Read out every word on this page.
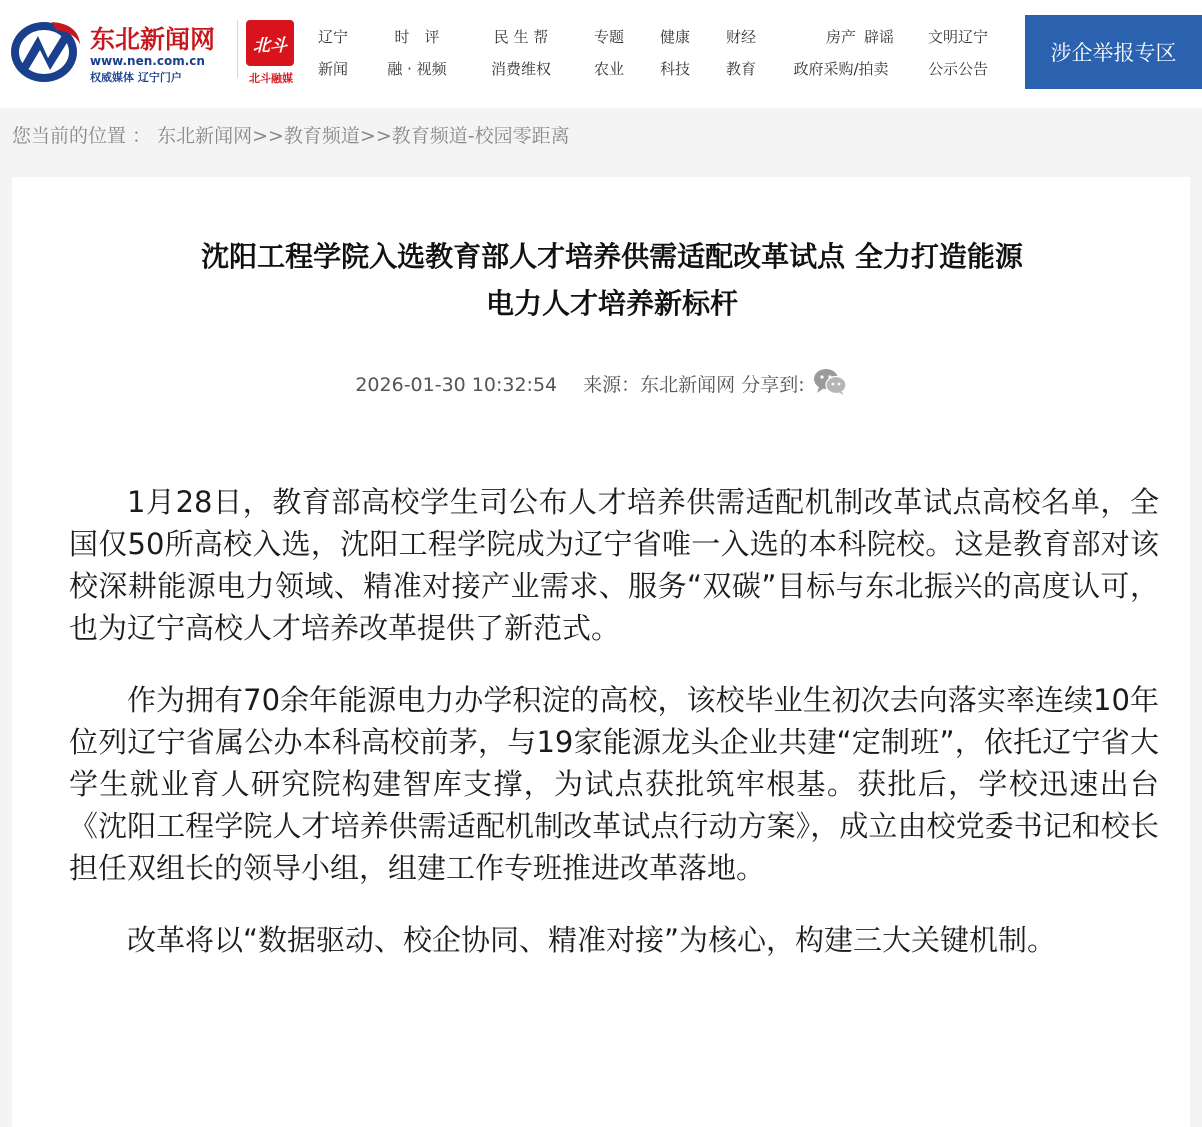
东北新闻网
www.nen.com.cn
权威媒体 辽宁门户
北斗
北斗融媒
辽宁
新闻
时　评
融 · 视频
民 生 帮
消费维权
专题
农业
健康
科技
财经
教育
房产
政府采购/拍卖
辟谣	文明辽宁
公示公告
涉企举报专区
您当前的位置 ： 东北新闻网>>教育频道>>教育频道-校园零距离
沈阳工程学院入选教育部人才培养供需适配改革试点 全力打造能源
电力人才培养新标杆
2026-01-30 10:32:54 来源：东北新闻网 分享到:

1月28日，教育部高校学生司公布人才培养供需适配机制改革试点高校名单，全国仅50所高校入选，沈阳工程学院成为辽宁省唯一入选的本科院校。这是教育部对该校深耕能源电力领域、精准对接产业需求、服务“双碳”目标与东北振兴的高度认可，也为辽宁高校人才培养改革提供了新范式。

作为拥有70余年能源电力办学积淀的高校，该校毕业生初次去向落实率连续10年位列辽宁省属公办本科高校前茅，与19家能源龙头企业共建“定制班”，依托辽宁省大学生就业育人研究院构建智库支撑，为试点获批筑牢根基。获批后，学校迅速出台《沈阳工程学院人才培养供需适配机制改革试点行动方案》，成立由校党委书记和校长担任双组长的领导小组，组建工作专班推进改革落地。

改革将以“数据驱动、校企协同、精准对接”为核心，构建三大关键机制。
